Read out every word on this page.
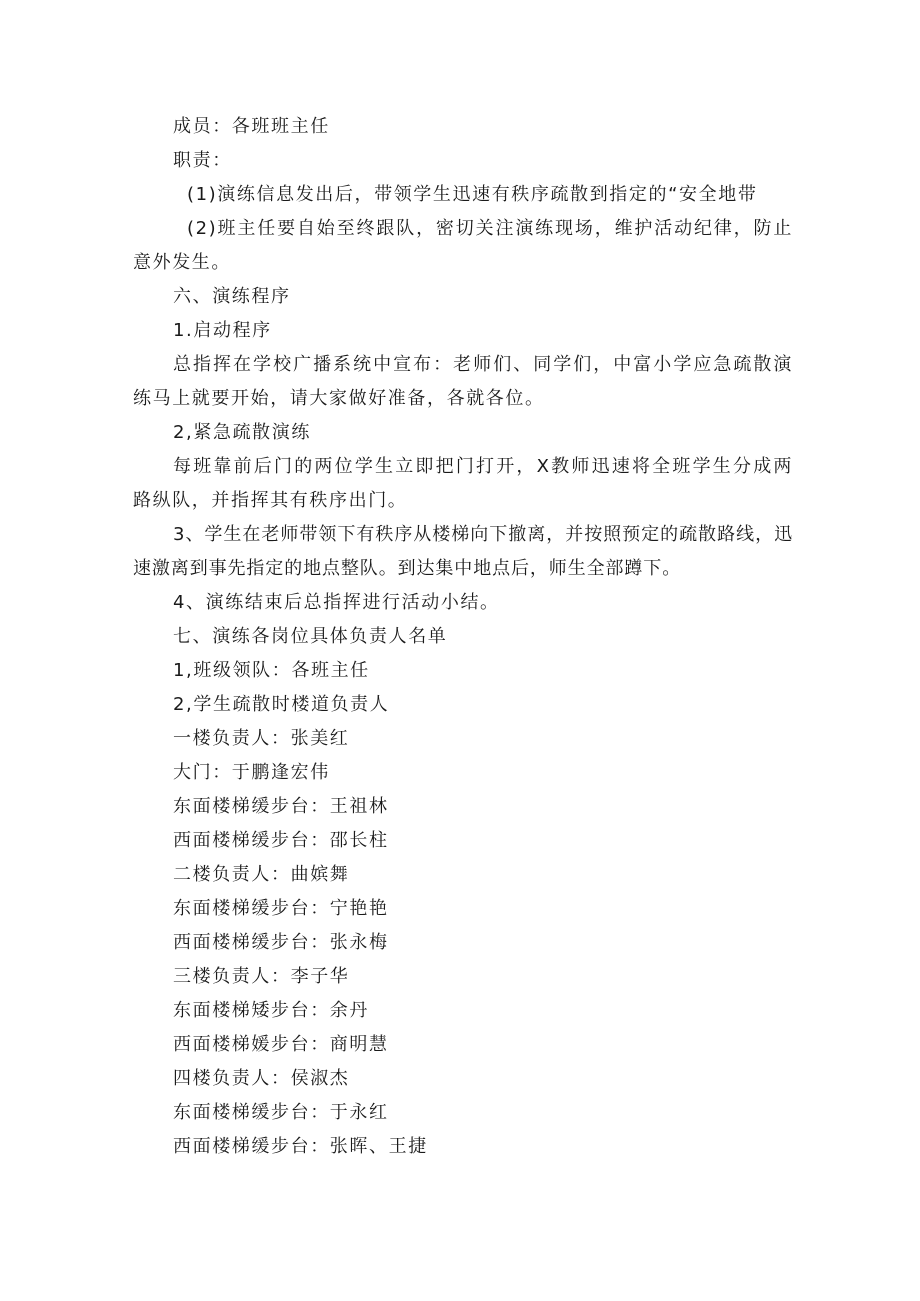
成员：各班班主任
职责：
(1)演练信息发出后，带领学生迅速有秩序疏散到指定的“安全地带
(2)班主任要自始至终跟队，密切关注演练现场，维护活动纪律，防止意外发生。
六、演练程序
1.启动程序
总指挥在学校广播系统中宣布：老师们、同学们，中富小学应急疏散演练马上就要开始，请大家做好准备，各就各位。
2,紧急疏散演练
每班靠前后门的两位学生立即把门打开，X教师迅速将全班学生分成两路纵队，并指挥其有秩序出门。
3、学生在老师带领下有秩序从楼梯向下撤离，并按照预定的疏散路线，迅速激离到事先指定的地点整队。到达集中地点后，师生全部蹲下。
4、演练结束后总指挥进行活动小结。
七、演练各岗位具体负责人名单
1,班级领队：各班主任
2,学生疏散时楼道负责人
一楼负责人：张美红
大门：于鹏逢宏伟
东面楼梯缓步台：王祖林
西面楼梯缓步台：邵长柱
二楼负责人：曲嫔舞
东面楼梯缓步台：宁艳艳
西面楼梯缓步台：张永梅
三楼负责人：李子华
东面楼梯矮步台：余丹
西面楼梯媛步台：商明慧
四楼负责人：侯淑杰
东面楼梯缓步台：于永红
西面楼梯缓步台：张晖、王捷
